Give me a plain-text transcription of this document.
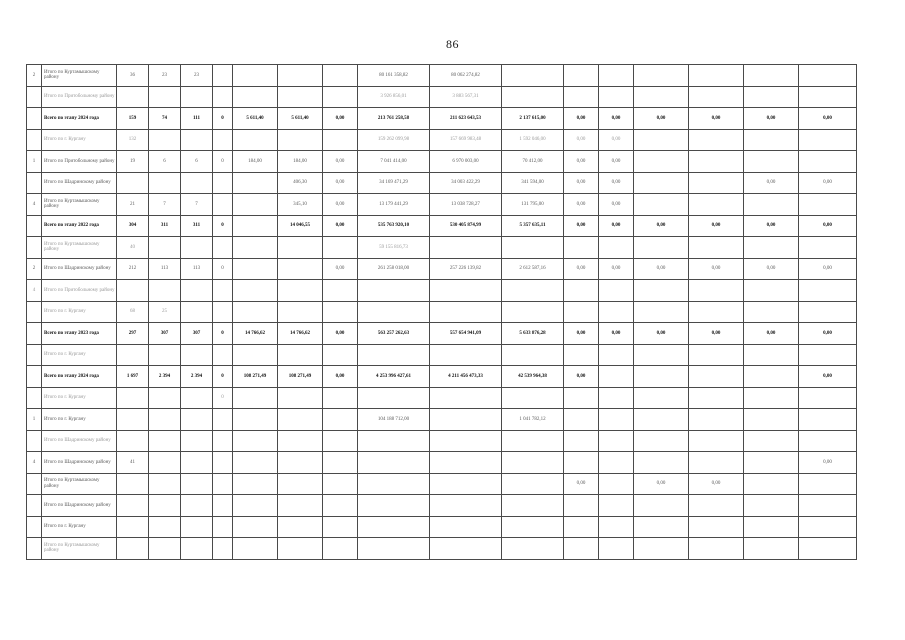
86
2	Итого по Куртамышскому району	36	23	23					80 161 358,82	80 062 274,82							
	Итого по Притобольному району								3 926 856,01	3 883 567,31							
	Всего по этапу 2024 года	159	74	111	0	5 611,40	5 611,40	0,00	213 761 258,58	211 623 643,53	2 137 615,00	0,00	0,00	0,00	0,00	0,00	0,00
	Итого по г. Кургану	132							159 262 099,98	157 669 983,48	1 592 046,00	0,00	0,00				
1	Итого по Притобольному району	19	6	6	0	184,00	184,00	0,00	7 041 414,00	6 970 003,00	70 412,00	0,00	0,00				
	Итого по Шадринскому району						406,30	0,00	34 169 471,29	34 003 422,29	341 594,00	0,00	0,00			0,00	0,00
4	Итого по Куртамышскому району	21	7	7			345,10	0,00	13 179 441,29	13 038 728,27	131 795,00	0,00	0,00				
	Всего по этапу 2022 года	304	311	311	0		14 046,55	0,00	535 763 920,10	530 405 874,99	5 357 635,11	0,00	0,00	0,00	0,00	0,00	0,00
	Итого по Куртамышскому району	40							59 155 816,73								
2	Итого по Шадринскому району	212	113	113	0			0,00	261 258 018,00	257 226 139,82	2 612 587,16	0,00	0,00	0,00	0,00	0,00	0,00
4	Итого по Притобольному району																
	Итого по г. Кургану	68	25														
	Всего по этапу 2023 года	297	307	307	0	14 766,62	14 766,62	0,00	563 257 262,63	557 654 941,09	5 633 876,28	0,00	0,00	0,00	0,00	0,00	0,00
	Итого по г. Кургану																
	Всего по этапу 2024 года	1 697	2 394	2 394	0	108 271,49	108 271,49	0,00	4 253 996 427,61	4 211 456 473,33	42 539 964,38	0,00					0,00
	Итого по г. Кургану				0												
1	Итого по г. Кургану								104 188 712,00		1 041 782,12						
	Итого по Шадринскому району																
4	Итого по Шадринскому району	41															0,00
	Итого по Куртамышскому району											0,00		0,00	0,00		
	Итого по Шадринскому району																
	Итого по г. Кургану																
	Итого по Куртамышскому району																
